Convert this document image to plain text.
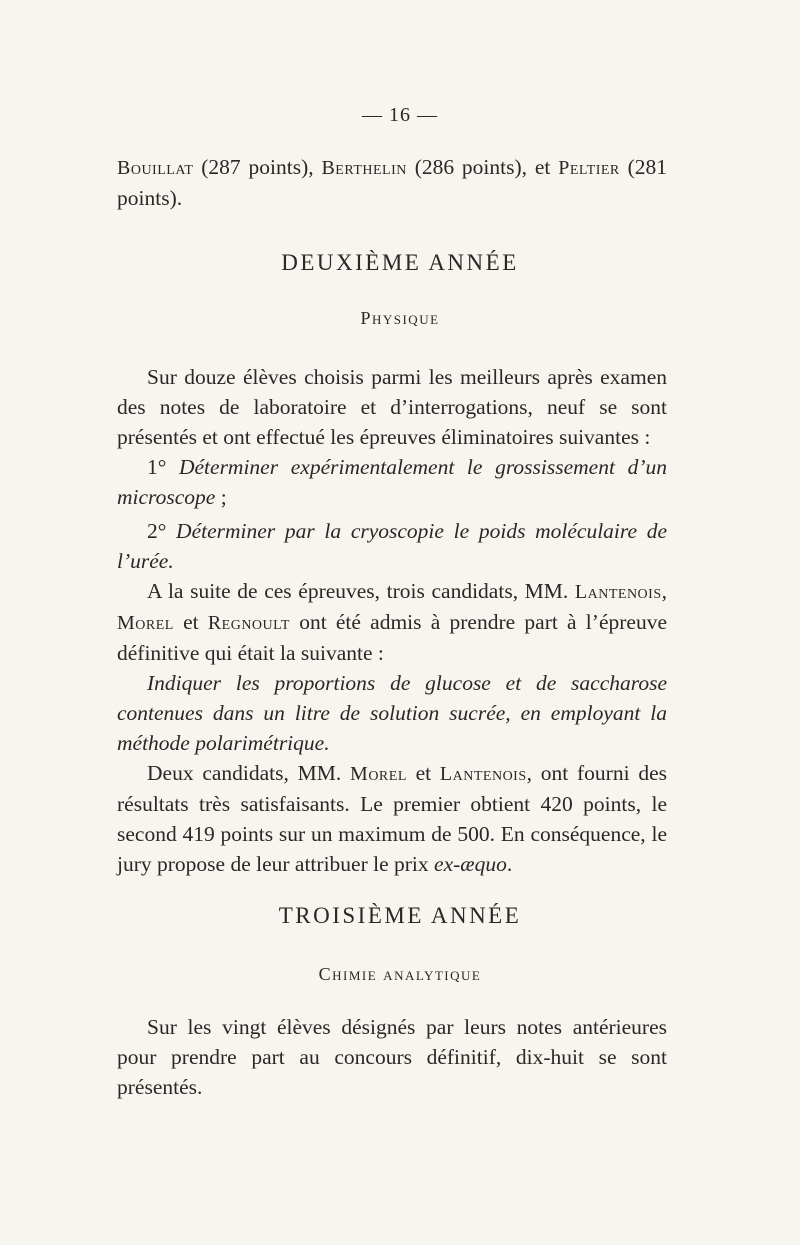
— 16 —

Bouillat (287 points), Berthelin (286 points), et Peltier (281 points).

DEUXIÈME ANNÉE
Physique

Sur douze élèves choisis parmi les meilleurs après examen des notes de laboratoire et d’interrogations, neuf se sont présentés et ont effectué les épreuves éliminatoires suivantes :

1° Déterminer expérimentalement le grossissement d’un microscope ;

2° Déterminer par la cryoscopie le poids moléculaire de l’urée.

A la suite de ces épreuves, trois candidats, MM. Lantenois, Morel et Regnoult ont été admis à prendre part à l’épreuve définitive qui était la suivante :

Indiquer les proportions de glucose et de saccharose contenues dans un litre de solution sucrée, en employant la méthode polarimétrique.

Deux candidats, MM. Morel et Lantenois, ont fourni des résultats très satisfaisants. Le premier obtient 420 points, le second 419 points sur un maximum de 500. En conséquence, le jury propose de leur attribuer le prix ex-æquo.

TROISIÈME ANNÉE
Chimie analytique

Sur les vingt élèves désignés par leurs notes antérieures pour prendre part au concours définitif, dix-huit se sont présentés.
